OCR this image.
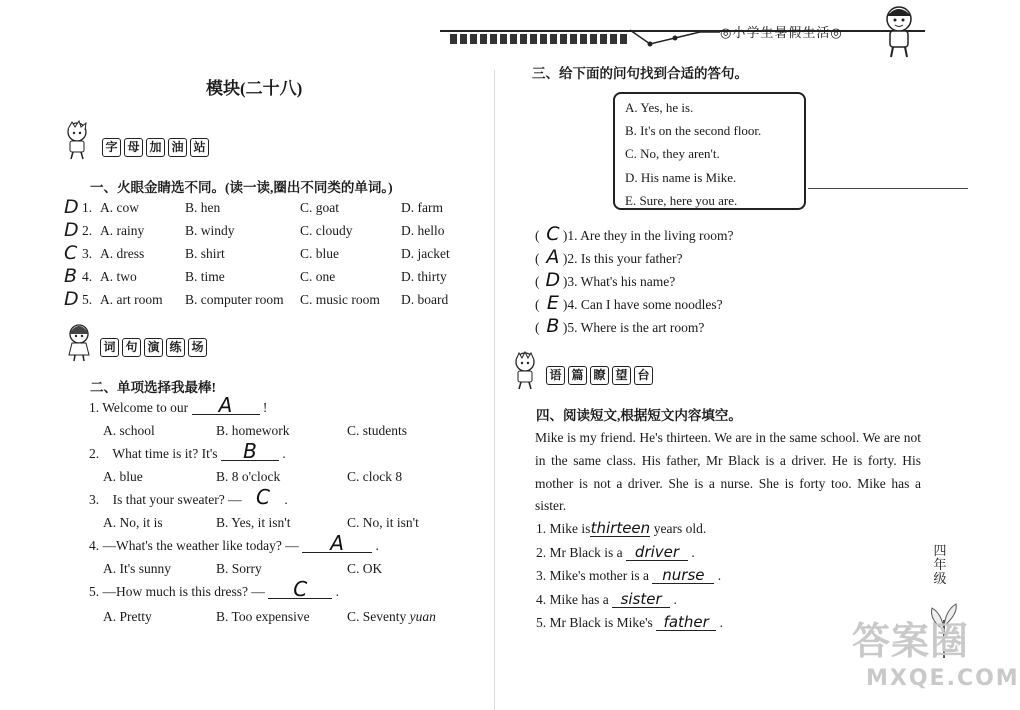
◎小学生暑假生活◎
模块(二十八)
字 母 加 油 站
一、火眼金睛选不同。(读一读,圈出不同类的单词。)
D 1. A. cow	B. hen	C. goat	D. farm
D 2. A. rainy	B. windy	C. cloudy	D. hello
C 3. A. dress	B. shirt	C. blue	D. jacket
B 4. A. two	B. time	C. one	D. thirty
D 5. A. art room	B. computer room	C. music room	D. board
词 句 演 练 场
二、单项选择我最棒!
1. Welcome to our A !
A. school	B. homework	C. students
2. What time is it? It's B .
A. blue	B. 8 o'clock	C. clock 8
3. Is that your sweater? — C .
A. No, it is	B. Yes, it isn't	C. No, it isn't
4. —What's the weather like today? — A .
A. It's sunny	B. Sorry	C. OK
5. —How much is this dress? — C .
A. Pretty	B. Too expensive	C. Seventy
yuan
三、给下面的问句找到合适的答句。
A. Yes, he is.
B. It's on the second floor.
C. No, they aren't.
D. His name is Mike.
E. Sure, here you are.
( C )1. Are they in the living room?
( A )2. Is this your father?
( D )3. What's his name?
( E )4. Can I have some noodles?
( B )5. Where is the art room?
语 篇 瞭 望 台
四、阅读短文,根据短文内容填空。
Mike is my friend. He's thirteen. We are in the same school. We are not in the same class. His father, Mr Black is a driver. He is forty. His mother is not a driver. She is a nurse. She is forty too. Mike has a sister.
1. Mike isthirteen years old.
2. Mr Black is a driver .
3. Mike's mother is a nurse .
4. Mike has a sister .
5. Mr Black is Mike's father .
四
年
级
答案圈
MXQE.COM
